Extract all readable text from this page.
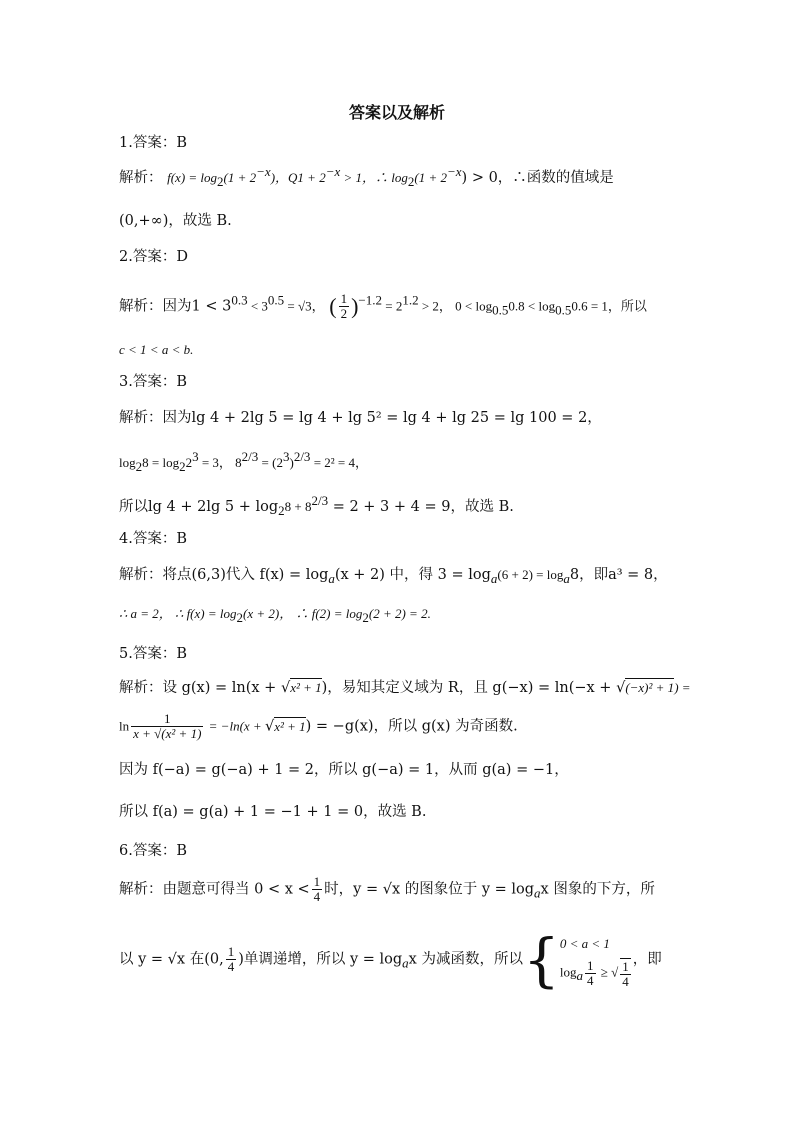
答案以及解析
1.答案：B
解析： $f(x) = \log_2(1 + 2^{-x})$，$Q1 + 2^{-x} > 1$，∴ $\log_2(1 + 2^{-x}) > 0$，∴函数的值域是
(0,+∞)，故选 B.
2.答案：D
解析：因为$1 < 3^{0.3} < 3^{0.5} = √3$， ( $\frac{1}{2} )^{-1.2} = 2^{1.2} > 2$， $0 < \log_{0.5}0.8 < \log_{0.5}0.6 = 1$，所以
c < 1 < a < b.
3.答案：B
解析：因为lg 4 + 2lg 5 = lg 4 + lg 5² = lg 4 + lg 25 = lg 100 = 2，
$\log_28 = \log_22^3 = 3$， $8^{2/3} = (2^3)^{2/3} = 2^2 = 4$，
所以lg 4 + 2lg $5 + \log_28 + 8^{2/3} = 2 + 3 + 4 = 9$，故选 B.
4.答案：B
解析：将点(6,3)代入 $f(x) = \log_a(x + 2)$ 中，得 $3 = \log_a(6 + 2) = \log_a8$，即a³ = 8，
∴ a = 2， ∴ $f(x) = \log_2(x + 2)$， ∴ $f(2) = \log_2(2 + 2) = 2$.
5.答案：B
解析：设 g(x) = ln(x + √x² + 1)，易知其定义域为 R，且 g(−x) = ln(−x + √(−x)² + 1) =
$\ln \frac{1}{\text{x + √(x² + 1)}} = -\ln(x + √x^2 + 1) = -g(x)$，所以 g(x) 为奇函数.
因为 f(−a) = g(−a) + 1 = 2，所以 g(−a) = 1，从而 g(a) = −1，
所以 f(a) = g(a) + 1 = −1 + 1 = 0，故选 B.
6.答案：B
解析：由题意可得当 $0 < x < \frac{1}{4}$ 时，y = √x 的图象位于 $y = \log_ax$ 图象的下方，所
以 y = √x 在(0, $\frac{1}{4}$ )单调递增，所以 $y = \log_ax$ 为减函数，所以{ 0 < a < 1
$\log_a \frac{1}{4}$ ≥ √ $\frac{1}{4}$ ，即
